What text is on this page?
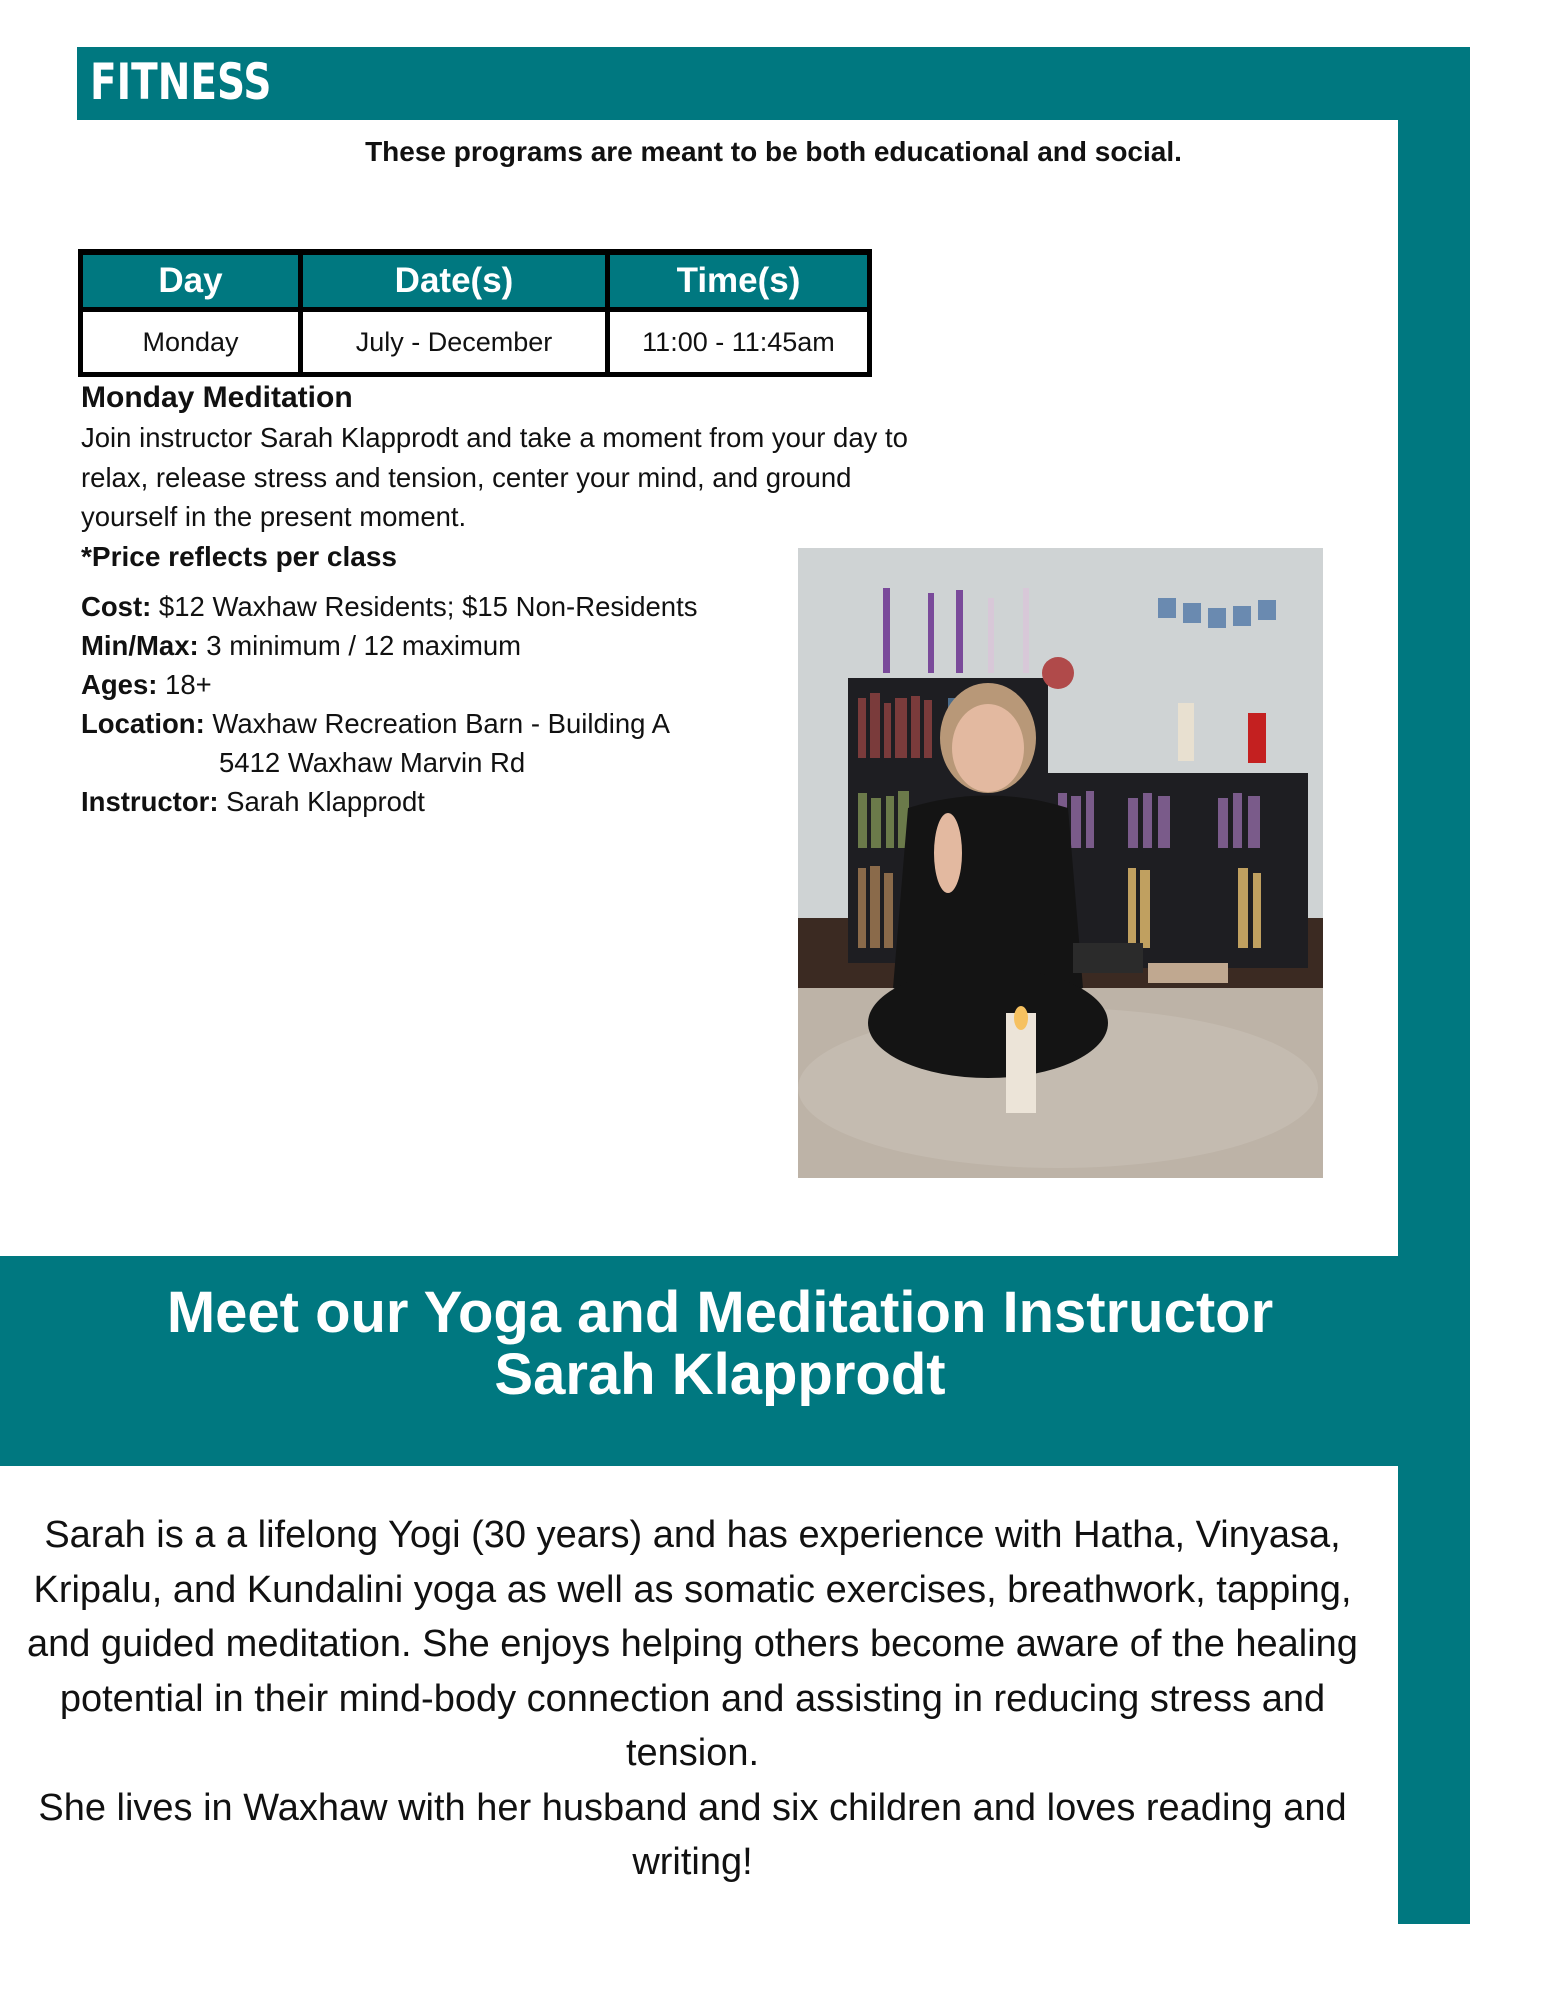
FITNESS
These programs are meant to be both educational and social.
Day	Date(s)	Time(s)
Monday	July - December	11:00 - 11:45am
Monday Meditation
Join instructor Sarah Klapprodt and take a moment from your day to relax, release stress and tension, center your mind, and ground yourself in the present moment.
*Price reflects per class
Cost: $12 Waxhaw Residents; $15 Non-Residents
Min/Max: 3 minimum / 12 maximum
Ages: 18+
Location: Waxhaw Recreation Barn - Building A
5412 Waxhaw Marvin Rd
Instructor: Sarah Klapprodt
Meet our Yoga and Meditation Instructor
Sarah Klapprodt
Sarah is a a lifelong Yogi (30 years) and has experience with Hatha, Vinyasa, Kripalu, and Kundalini yoga as well as somatic exercises, breathwork, tapping, and guided meditation. She enjoys helping others become aware of the healing potential in their mind-body connection and assisting in reducing stress and tension.
She lives in Waxhaw with her husband and six children and loves reading and writing!
